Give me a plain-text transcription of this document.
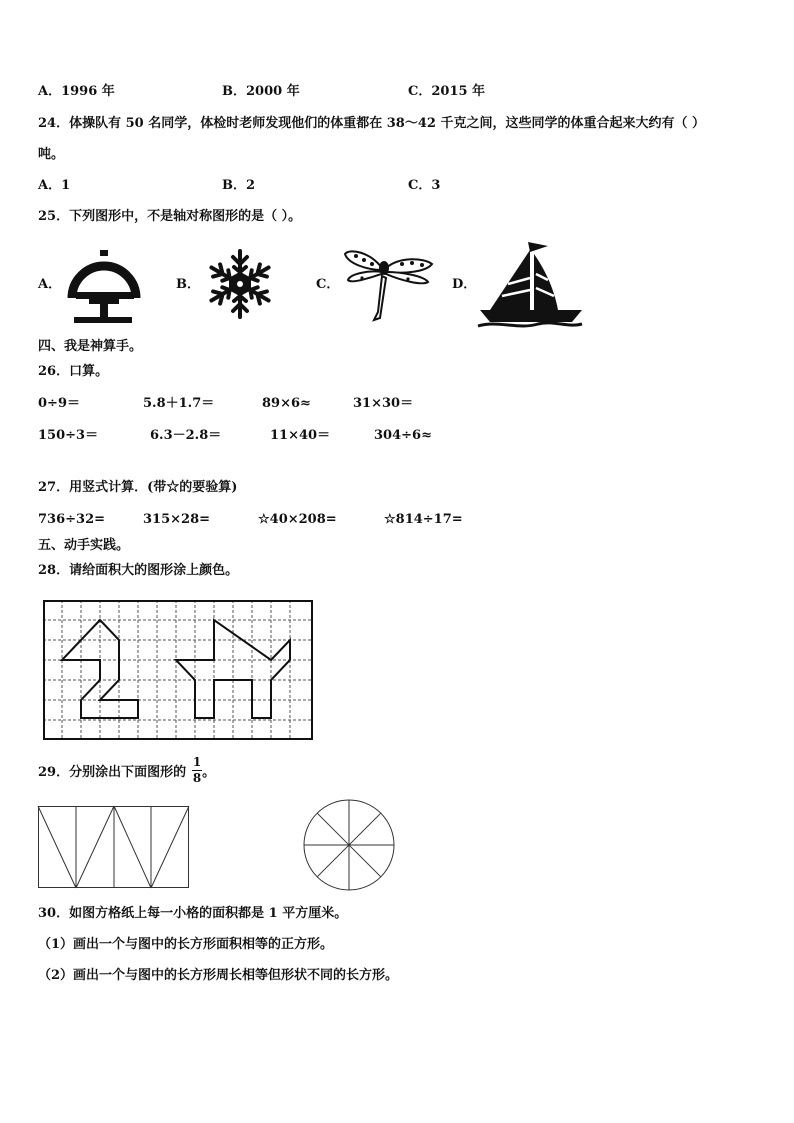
A．1996 年	B．2000 年	C．2015 年
24．体操队有 50 名同学，体检时老师发现他们的体重都在 38～42 千克之间，这些同学的体重合起来大约有（ ）
吨。
A．1	B．2	C．3
25．下列图形中，不是轴对称图形的是（ ）。
A．	B．	C．	D．
四、我是神算手。
26．口算。
0÷9＝	5.8＋1.7＝	89×6≈	31×30＝
150÷3＝	6.3－2.8＝	11×40＝	304÷6≈
27．用竖式计算．(带☆的要验算)
736÷32=	315×28=	☆40×208=	☆814÷17=
五、动手实践。
28．请给面积大的图形涂上颜色。
29．分别涂出下面图形的 。
1
8
30．如图方格纸上每一小格的面积都是 1 平方厘米。
（1）画出一个与图中的长方形面积相等的正方形。
（2）画出一个与图中的长方形周长相等但形状不同的长方形。
